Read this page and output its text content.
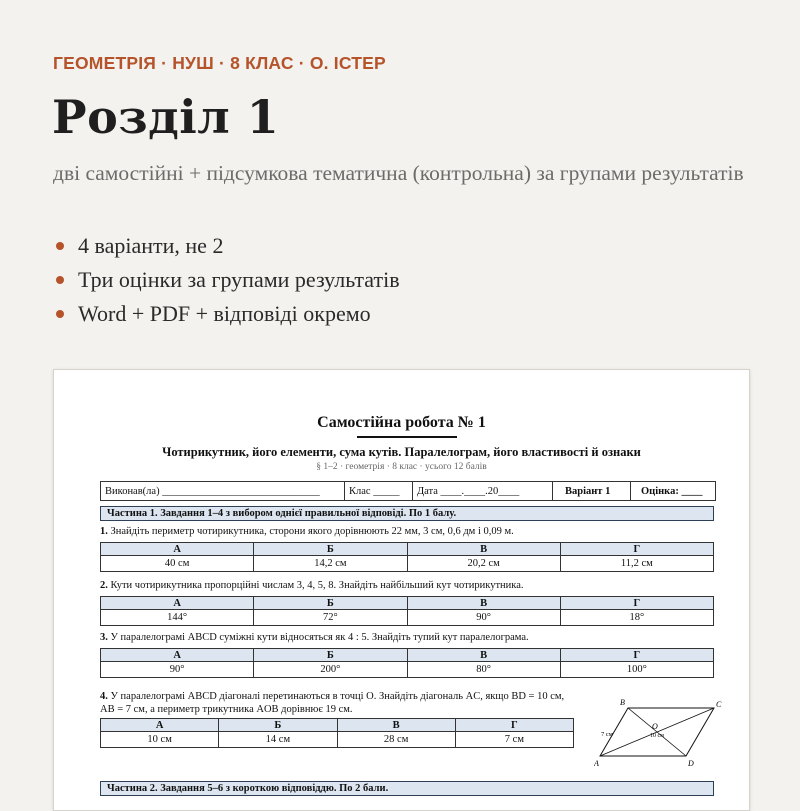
ГЕОМЕТРІЯ · НУШ · 8 КЛАС · О. ІСТЕР
Розділ 1
дві самостійні + підсумкова тематична (контрольна) за групами результатів
4 варіанти, не 2
Три оцінки за групами результатів
Word + PDF + відповіді окремо
Самостійна робота № 1
Чотирикутник, його елементи, сума кутів. Паралелограм, його властивості й ознаки
§ 1–2 · геометрія · 8 клас · усього 12 балів
Виконав(ла) ______________________________	Клас _____	Дата ____.____.20____	Варіант 1	Оцінка: ____
Частина 1. Завдання 1–4 з вибором однієї правильної відповіді. По 1 балу.
1. Знайдіть периметр чотирикутника, сторони якого дорівнюють 22 мм, 3 см, 0,6 дм і 0,09 м.
А	Б	В	Г
40 см	14,2 см	20,2 см	11,2 см
2. Кути чотирикутника пропорційні числам 3, 4, 5, 8. Знайдіть найбільший кут чотирикутника.
А	Б	В	Г
144°	72°	90°	18°
3. У паралелограмі ABCD суміжні кути відносяться як 4 : 5. Знайдіть тупий кут паралелограма.
А	Б	В	Г
90°	200°	80°	100°
4. У паралелограмі ABCD діагоналі перетинаються в точці O. Знайдіть діагональ AC, якщо BD = 10 см, AB = 7 см, а периметр трикутника AOB дорівнює 19 см.
А	Б	В	Г
10 см	14 см	28 см	7 см
A
B	C
D
O
7 см	10 см
Частина 2. Завдання 5–6 з короткою відповіддю. По 2 бали.
